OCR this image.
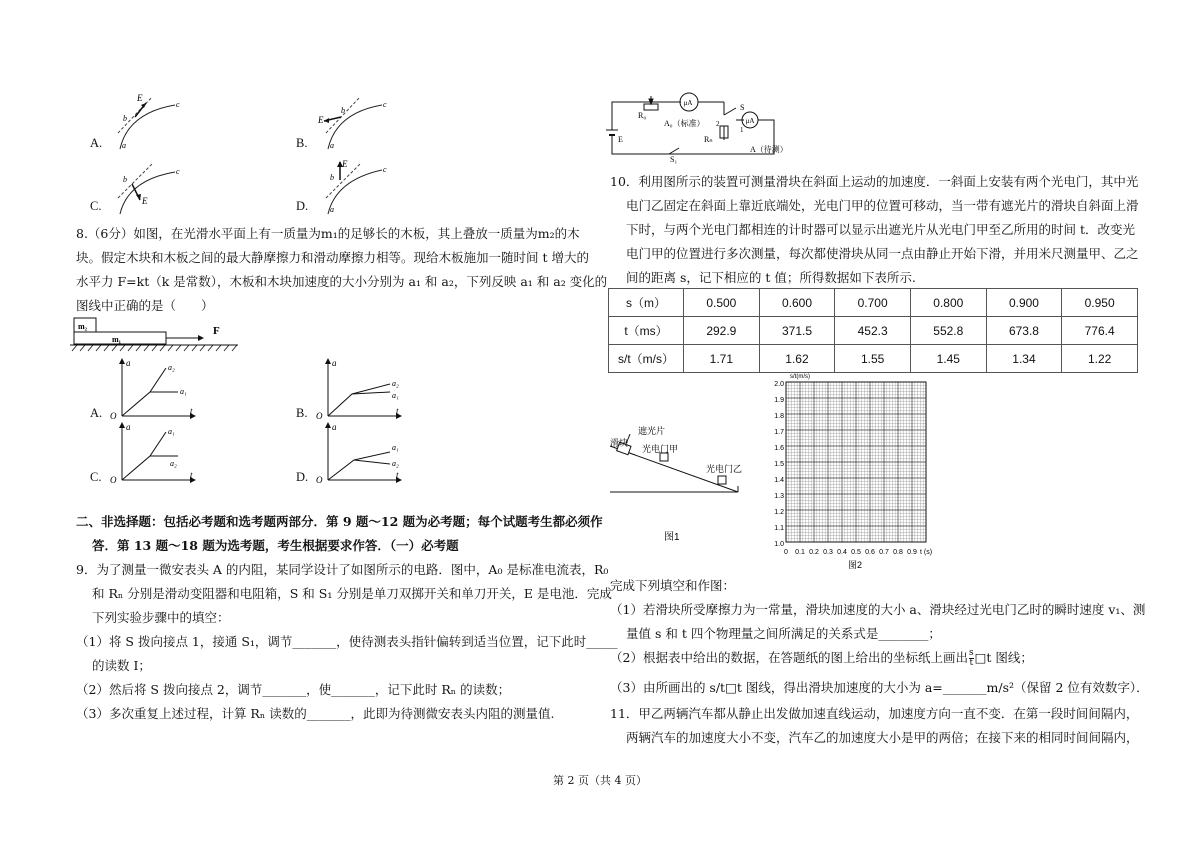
A.
E
b
c
a	B.
E
b
c
a
C.	E
b
c
D.
E
b
c
a
8.（6分）如图，在光滑水平面上有一质量为m₁的足够长的木板，其上叠放一质量为m₂的木
块。假定木块和木板之间的最大静摩擦力和滑动摩擦力相等。现给木板施加一随时间 t 增大的
水平力 F=kt（k 是常数），木板和木块加速度的大小分别为 a₁ 和 a₂，下列反映 a₁ 和 a₂ 变化的
图线中正确的是（　　）
m₂
m₁
F
A.
a
t
O
a₂
a₁
B.
a
t
O
a₂
a₁
C.
a
t
O
a₁
a₂
D.
a
t
O
a₁
a₂
二、非选择题：包括必考题和选考题两部分．第 9 题～12 题为必考题；每个试题考生都必须作
答．第 13 题～18 题为选考题，考生根据要求作答．（一）必考题
9．为了测量一微安表头 A 的内阻，某同学设计了如图所示的电路．图中，A₀ 是标准电流表，R₀
和 Rₙ 分别是滑动变阻器和电阻箱，S 和 S₁ 分别是单刀双掷开关和单刀开关，E 是电池．完成
下列实验步骤中的填空：
（1）将 S 拨向接点 1，接通 S₁，调节_______，使待测表头指针偏转到适当位置，记下此时_____
的读数 I；
（2）然后将 S 拨向接点 2，调节_______，使_______，记下此时 Rₙ 的读数；
（3）多次重复上述过程，计算 Rₙ 读数的_______，此即为待测微安表头内阻的测量值.
μA
μA
R₀
A₀（标准）
E
S₁
S
1
2
Rₙ
A（待测）
10．利用图所示的装置可测量滑块在斜面上运动的加速度．一斜面上安装有两个光电门，其中光
电门乙固定在斜面上靠近底端处，光电门甲的位置可移动，当一带有遮光片的滑块自斜面上滑
下时，与两个光电门都相连的计时器可以显示出遮光片从光电门甲至乙所用的时间 t．改变光
电门甲的位置进行多次测量，每次都使滑块从同一点由静止开始下滑，并用米尺测量甲、乙之
间的距离 s，记下相应的 t 值；所得数据如下表所示.
s（m）	0.500	0.600	0.700	0.800	0.900	0.950
t（ms）	292.9	371.5	452.3	552.8	673.8	776.4
s/t（m/s）	1.71	1.62	1.55	1.45	1.34	1.22
遮光片
滑块
光电门甲
光电门乙
图1
s/t(m/s)
2.0
1.9
1.8
1.7
1.6
1.5
1.4
1.3
1.2
1.1
1.0
0 0.1 0.2 0.3 0.4 0.5 0.6 0.7 0.8 0.9 t (s)
图2
完成下列填空和作图：
（1）若滑块所受摩擦力为一常量，滑块加速度的大小 a、滑块经过光电门乙时的瞬时速度 v₁、测
量值 s 和 t 四个物理量之间所满足的关系式是________；
（2）根据表中给出的数据，在答题纸的图上给出的坐标纸上画出 $\frac{s}{t}$ □t 图线；
（3）由所画出的 s/t□t 图线，得出滑块加速度的大小为 a=_______m/s²（保留 2 位有效数字）．
11．甲乙两辆汽车都从静止出发做加速直线运动，加速度方向一直不变．在第一段时间间隔内，
两辆汽车的加速度大小不变，汽车乙的加速度大小是甲的两倍；在接下来的相同时间间隔内，
第 2 页（共 4 页）
